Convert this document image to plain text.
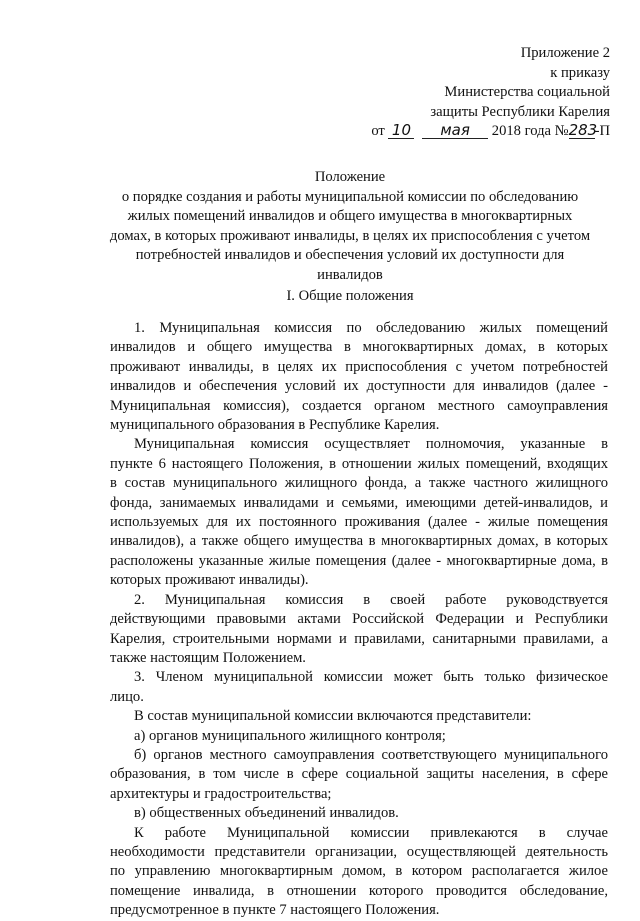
Приложение 2
к приказу
Министерства социальной
защиты Республики Карелия
от 10 мая 2018 года №283-П
Положение
о порядке создания и работы муниципальной комиссии по обследованию
жилых помещений инвалидов и общего имущества в многоквартирных
домах, в которых проживают инвалиды, в целях их приспособления с учетом
потребностей инвалидов и обеспечения условий их доступности для
инвалидов
I. Общие положения

1. Муниципальная комиссия по обследованию жилых помещений
инвалидов и общего имущества в многоквартирных домах, в которых
проживают инвалиды, в целях их приспособления с учетом потребностей
инвалидов и обеспечения условий их доступности для инвалидов (далее -
Муниципальная комиссия), создается органом местного самоуправления
муниципального образования в Республике Карелия.

Муниципальная комиссия осуществляет полномочия, указанные в
пункте 6 настоящего Положения, в отношении жилых помещений, входящих
в состав муниципального жилищного фонда, а также частного жилищного
фонда, занимаемых инвалидами и семьями, имеющими детей-инвалидов, и
используемых для их постоянного проживания (далее - жилые помещения
инвалидов), а также общего имущества в многоквартирных домах, в которых
расположены указанные жилые помещения (далее - многоквартирные дома, в
которых проживают инвалиды).

2. Муниципальная комиссия в своей работе руководствуется
действующими правовыми актами Российской Федерации и Республики
Карелия, строительными нормами и правилами, санитарными правилами, а
также настоящим Положением.

3. Членом муниципальной комиссии может быть только физическое
лицо.

В состав муниципальной комиссии включаются представители:

а) органов муниципального жилищного контроля;

б) органов местного самоуправления соответствующего муниципального
образования, в том числе в сфере социальной защиты населения, в сфере
архитектуры и градостроительства;

в) общественных объединений инвалидов.

К работе Муниципальной комиссии привлекаются в случае
необходимости представители организации, осуществляющей деятельность
по управлению многоквартирным домом, в котором располагается жилое
помещение инвалида, в отношении которого проводится обследование,
предусмотренное в пункте 7 настоящего Положения.
